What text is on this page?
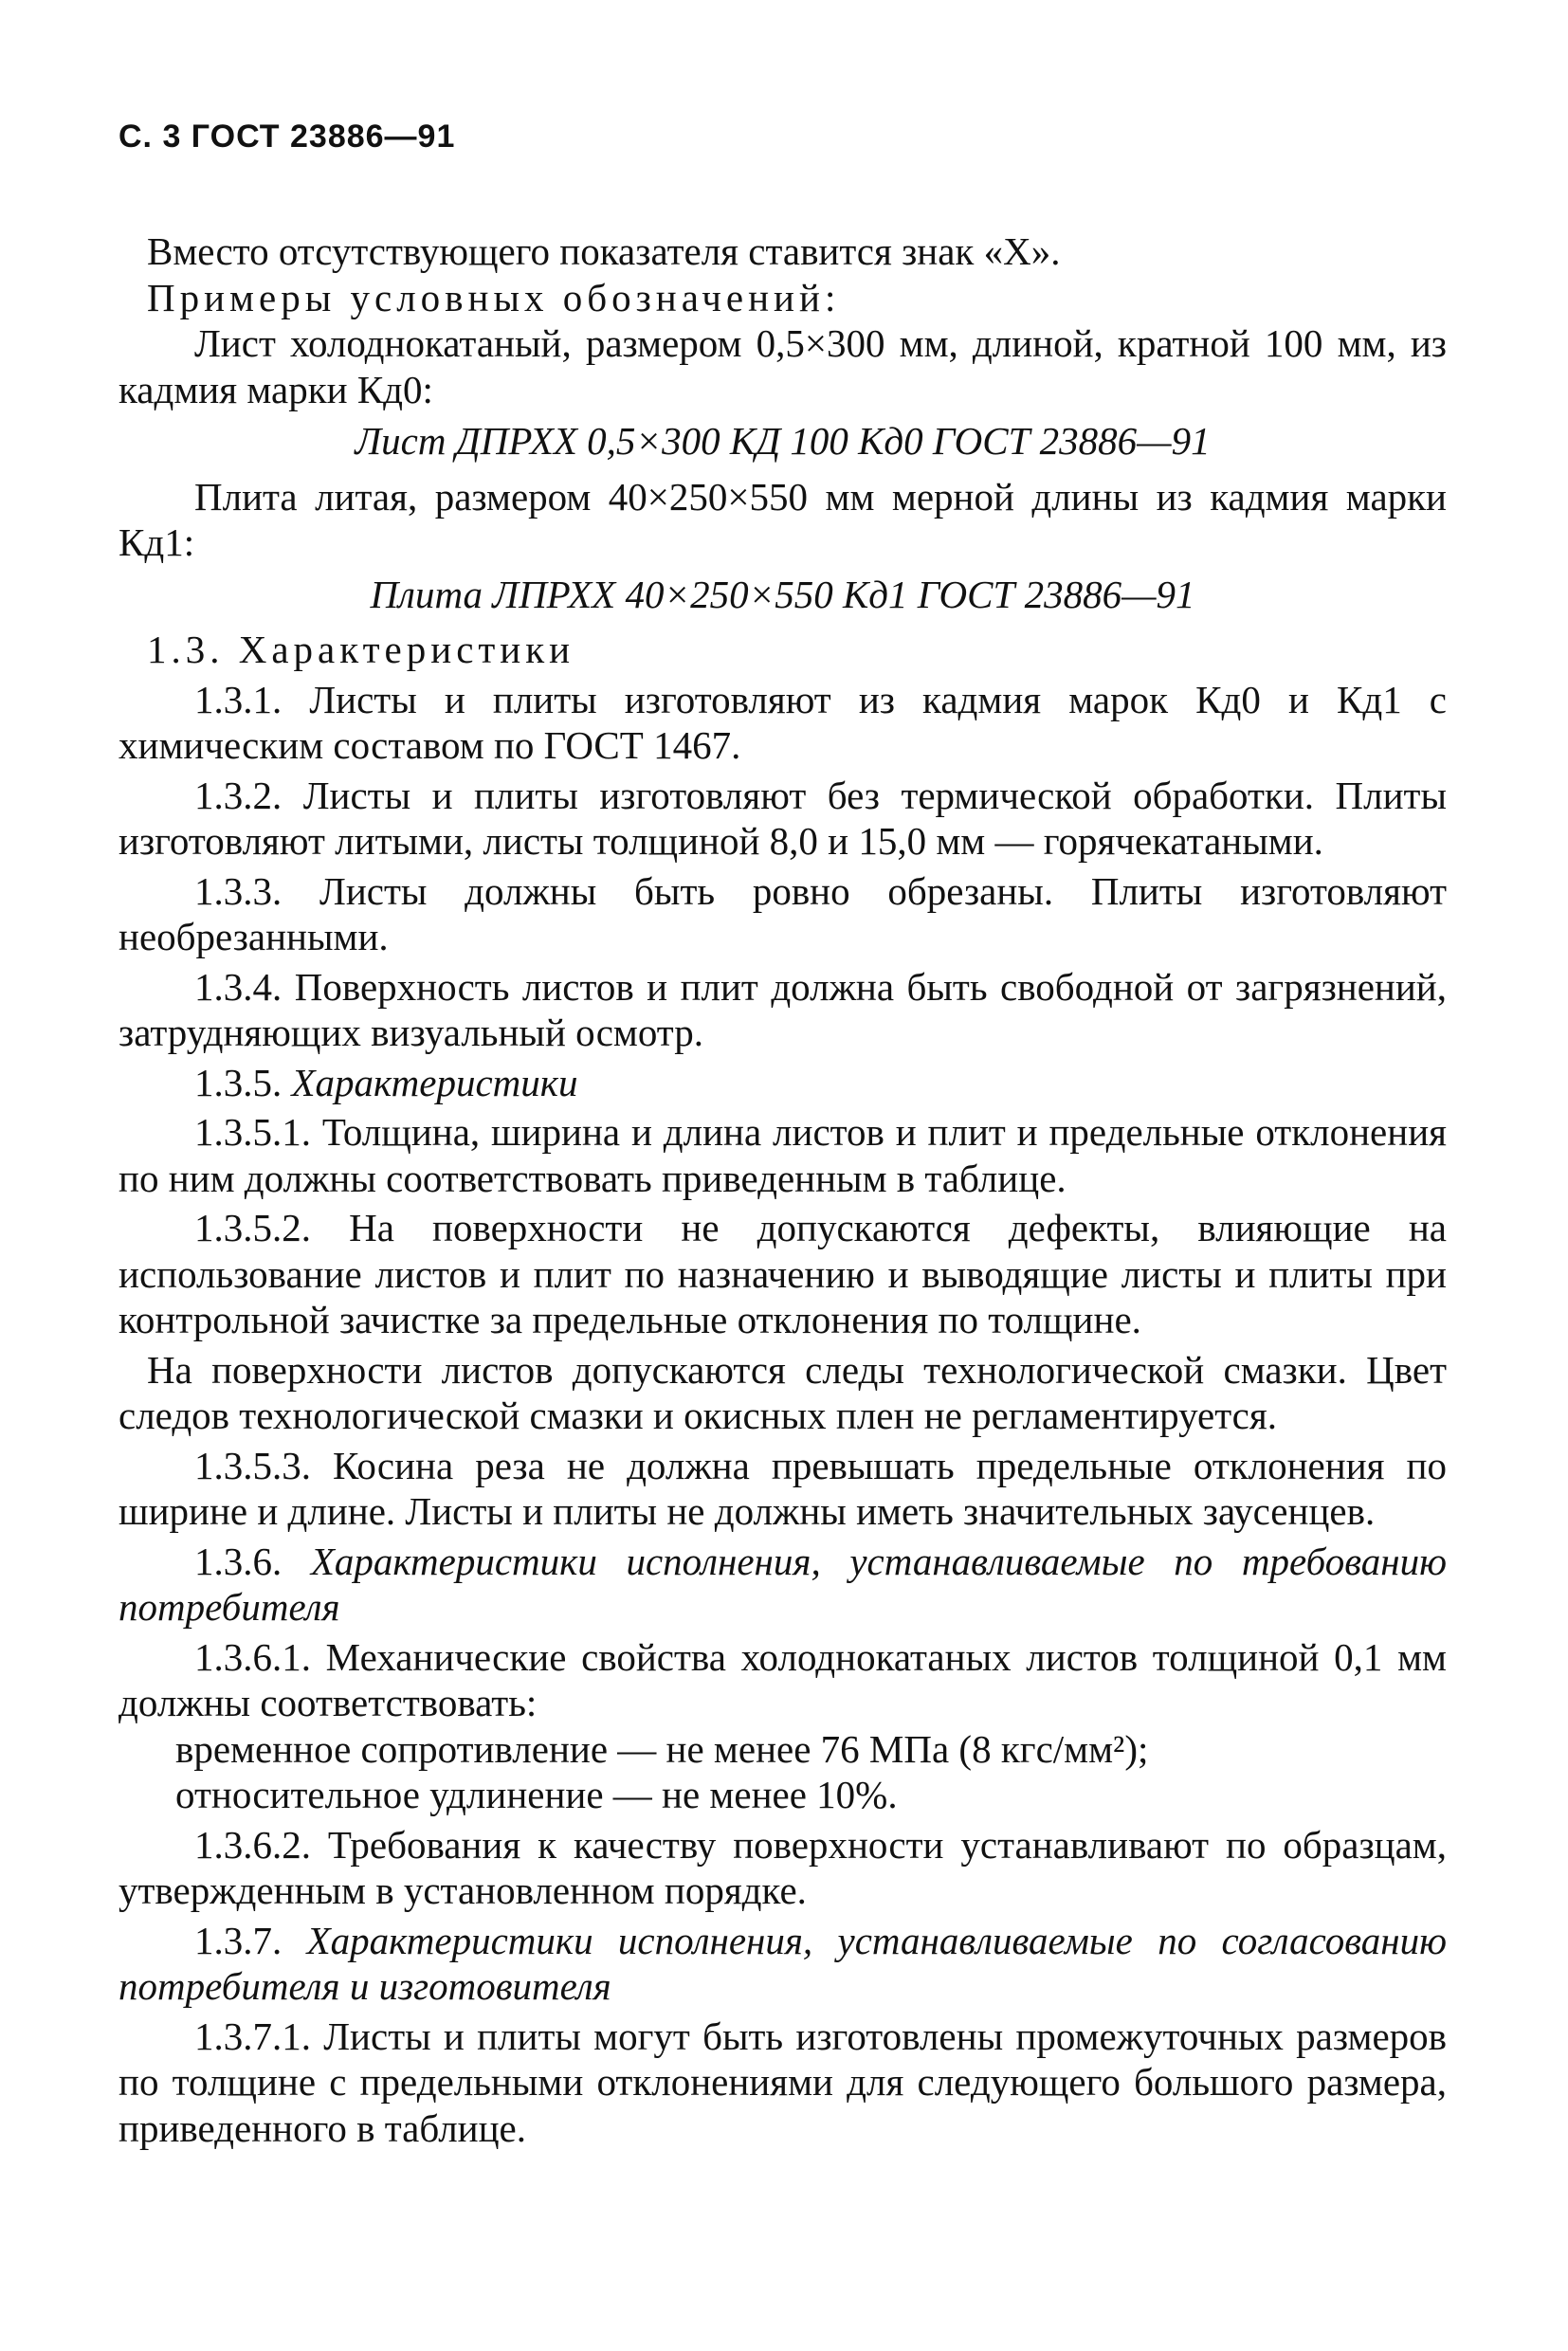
С. 3 ГОСТ 23886—91

Вместо отсутствующего показателя ставится знак «Х».

Примеры условных обозначений:

Лист холоднокатаный, размером 0,5×300 мм, длиной, кратной 100 мм, из кадмия марки Кд0:

Лист ДПРХХ 0,5×300 КД 100 Кд0 ГОСТ 23886—91

Плита литая, размером 40×250×550 мм мерной длины из кадмия марки Кд1:

Плита ЛПРХХ 40×250×550 Кд1 ГОСТ 23886—91

1.3. Характеристики

1.3.1. Листы и плиты изготовляют из кадмия марок Кд0 и Кд1 с химическим составом по ГОСТ 1467.

1.3.2. Листы и плиты изготовляют без термической обработки. Плиты изготовляют литыми, листы толщиной 8,0 и 15,0 мм — горячекатаными.

1.3.3. Листы должны быть ровно обрезаны. Плиты изготовляют необрезанными.

1.3.4. Поверхность листов и плит должна быть свободной от загрязнений, затрудняющих визуальный осмотр.

1.3.5. Характеристики

1.3.5.1. Толщина, ширина и длина листов и плит и предельные отклонения по ним должны соответствовать приведенным в таблице.

1.3.5.2. На поверхности не допускаются дефекты, влияющие на использование листов и плит по назначению и выводящие листы и плиты при контрольной зачистке за предельные отклонения по толщине.

На поверхности листов допускаются следы технологической смазки. Цвет следов технологической смазки и окисных плен не регламентируется.

1.3.5.3. Косина реза не должна превышать предельные отклонения по ширине и длине. Листы и плиты не должны иметь значительных заусенцев.

1.3.6. Характеристики исполнения, устанавливаемые по требованию потребителя

1.3.6.1. Механические свойства холоднокатаных листов толщиной 0,1 мм должны соответствовать:

временное сопротивление — не менее 76 МПа (8 кгс/мм²);

относительное удлинение — не менее 10%.

1.3.6.2. Требования к качеству поверхности устанавливают по образцам, утвержденным в установленном порядке.

1.3.7. Характеристики исполнения, устанавливаемые по согласованию потребителя и изготовителя

1.3.7.1. Листы и плиты могут быть изготовлены промежуточных размеров по толщине с предельными отклонениями для следующего большого размера, приведенного в таблице.
